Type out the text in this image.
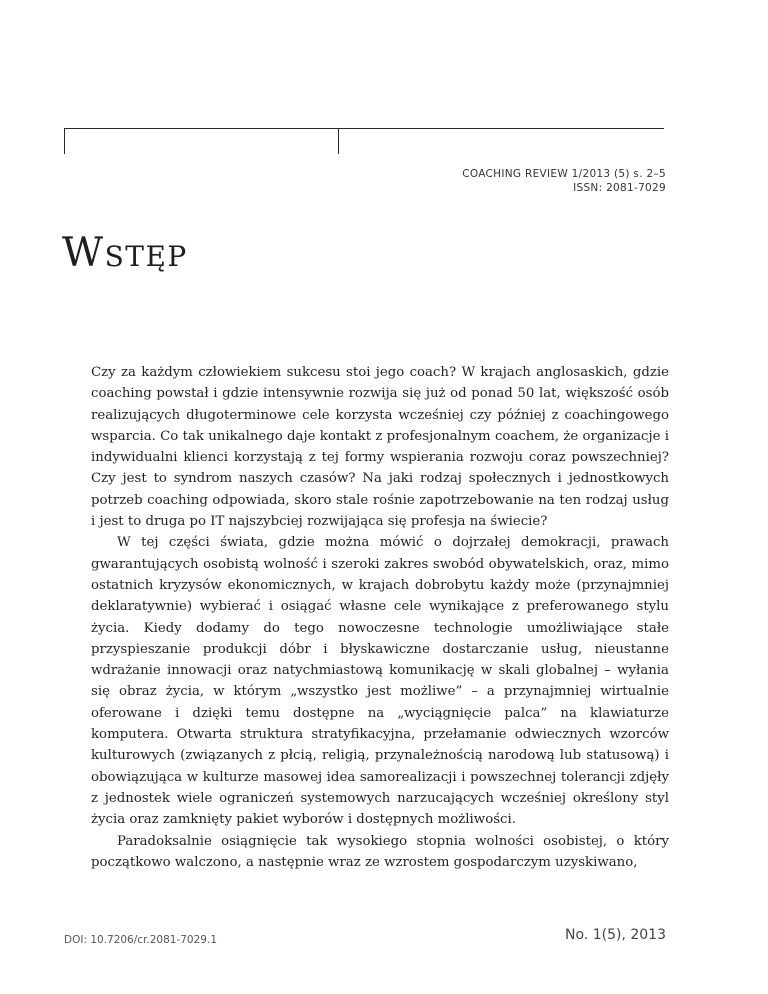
COACHING REVIEW 1/2013 (5) s. 2–5
ISSN: 2081-7029
Wstęp

Czy za każdym człowiekiem sukcesu stoi jego coach? W krajach anglosaskich, gdzie coaching powstał i gdzie intensywnie rozwija się już od ponad 50 lat, większość osób realizujących długoterminowe cele korzysta wcześniej czy później z coachingowego wsparcia. Co tak unikalnego daje kontakt z profesjonalnym coachem, że organizacje i indywidualni klienci korzystają z tej formy wspierania rozwoju coraz powszechniej? Czy jest to syndrom naszych czasów? Na jaki rodzaj społecznych i jednostkowych potrzeb coaching odpowiada, skoro stale rośnie zapotrzebowanie na ten rodzaj usług i jest to druga po IT najszybciej rozwijająca się profesja na świecie?

W tej części świata, gdzie można mówić o dojrzałej demokracji, prawach gwarantujących osobistą wolność i szeroki zakres swobód obywatelskich, oraz, mimo ostatnich kryzysów ekonomicznych, w krajach dobrobytu każdy może (przynajmniej deklaratywnie) wybierać i osiągać własne cele wynikające z preferowanego stylu życia. Kiedy dodamy do tego nowoczesne technologie umożliwiające stałe przyspieszanie produkcji dóbr i błyskawiczne dostarczanie usług, nieustanne wdrażanie innowacji oraz natychmiastową komunikację w skali globalnej – wyłania się obraz życia, w którym „wszystko jest możliwe” – a przynajmniej wirtualnie oferowane i dzięki temu dostępne na „wyciągnięcie palca” na klawiaturze komputera. Otwarta struktura stratyfikacyjna, przełamanie odwiecznych wzorców kulturowych (związanych z płcią, religią, przynależnością narodową lub statusową) i obowiązująca w kulturze masowej idea samorealizacji i powszechnej tolerancji zdjęły z jednostek wiele ograniczeń systemowych narzucających wcześniej określony styl życia oraz zamknięty pakiet wyborów i dostępnych możliwości.

Paradoksalnie osiągnięcie tak wysokiego stopnia wolności osobistej, o który początkowo walczono, a następnie wraz ze wzrostem gospodarczym uzyskiwano,

DOI: 10.7206/cr.2081-7029.1	No. 1(5), 2013
